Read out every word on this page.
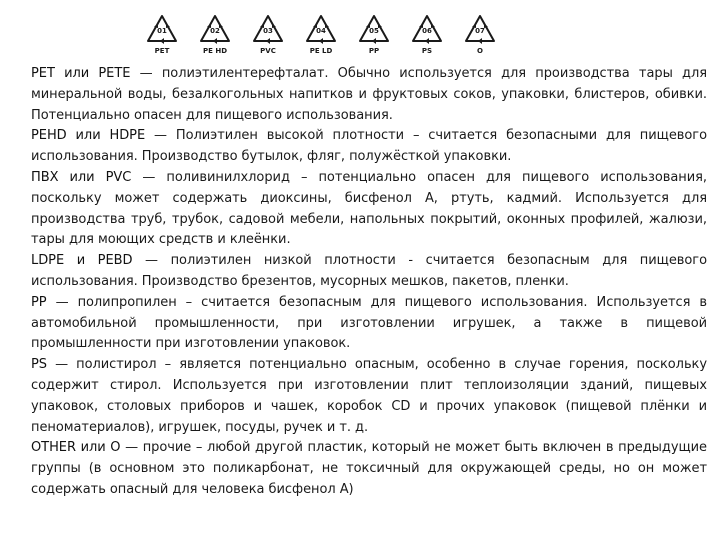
01
PET
02
PE HD
03
PVC
04
PE LD
05
PP
06
PS
07
O

PET или PETE — полиэтилентерефталат. Обычно используется для производства тары для минеральной воды, безалкогольных напитков и фруктовых соков, упаковки, блистеров, обивки. Потенциально опасен для пищевого использования.

PEHD или HDPE — Полиэтилен высокой плотности – считается безопасными для пищевого использования. Производство бутылок, фляг, полужёсткой упаковки.

ПВХ или PVC — поливинилхлорид – потенциально опасен для пищевого использования, поскольку может содержать диоксины, бисфенол А, ртуть, кадмий. Используется для производства труб, трубок, садовой мебели, напольных покрытий, оконных профилей, жалюзи, тары для моющих средств и клеёнки.

LDPE и PEBD — полиэтилен низкой плотности - считается безопасным для пищевого использования. Производство брезентов, мусорных мешков, пакетов, пленки.

PP — полипропилен – считается безопасным для пищевого использования. Используется в автомобильной промышленности, при изготовлении игрушек, а также в пищевой промышленности при изготовлении упаковок.

PS — полистирол – является потенциально опасным, особенно в случае горения, поскольку содержит стирол. Используется при изготовлении плит теплоизоляции зданий, пищевых упаковок, столовых приборов и чашек, коробок CD и прочих упаковок (пищевой плёнки и пеноматериалов), игрушек, посуды, ручек и т. д.

OTHER или O — прочие – любой другой пластик, который не может быть включен в предыдущие группы (в основном это поликарбонат, не токсичный для окружающей среды, но он может содержать опасный для человека бисфенол А)
